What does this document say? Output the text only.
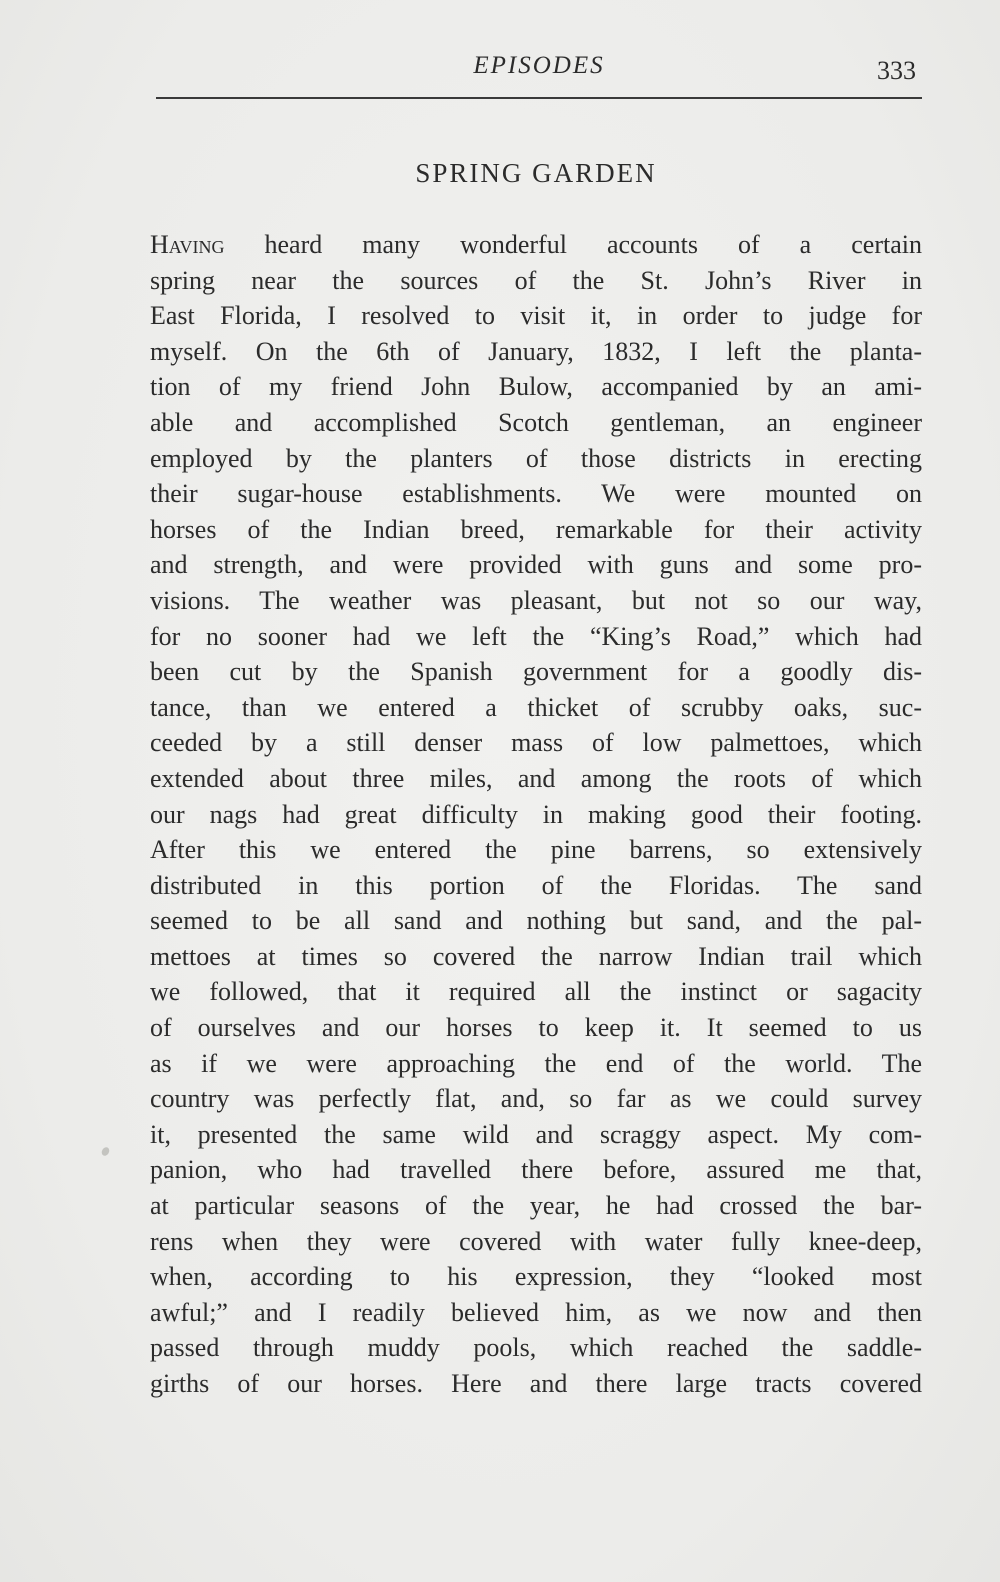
EPISODES	333
SPRING GARDEN
Having heard many wonderful accounts of a certain
spring near the sources of the St. John’s River in
East Florida, I resolved to visit it, in order to judge for
myself. On the 6th of January, 1832, I left the planta-
tion of my friend John Bulow, accompanied by an ami-
able and accomplished Scotch gentleman, an engineer
employed by the planters of those districts in erecting
their sugar-house establishments. We were mounted on
horses of the Indian breed, remarkable for their activity
and strength, and were provided with guns and some pro-
visions. The weather was pleasant, but not so our way,
for no sooner had we left the “King’s Road,” which had
been cut by the Spanish government for a goodly dis-
tance, than we entered a thicket of scrubby oaks, suc-
ceeded by a still denser mass of low palmettoes, which
extended about three miles, and among the roots of which
our nags had great difficulty in making good their footing.
After this we entered the pine barrens, so extensively
distributed in this portion of the Floridas. The sand
seemed to be all sand and nothing but sand, and the pal-
mettoes at times so covered the narrow Indian trail which
we followed, that it required all the instinct or sagacity
of ourselves and our horses to keep it. It seemed to us
as if we were approaching the end of the world. The
country was perfectly flat, and, so far as we could survey
it, presented the same wild and scraggy aspect. My com-
panion, who had travelled there before, assured me that,
at particular seasons of the year, he had crossed the bar-
rens when they were covered with water fully knee-deep,
when, according to his expression, they “looked most
awful;” and I readily believed him, as we now and then
passed through muddy pools, which reached the saddle-
girths of our horses. Here and there large tracts covered
